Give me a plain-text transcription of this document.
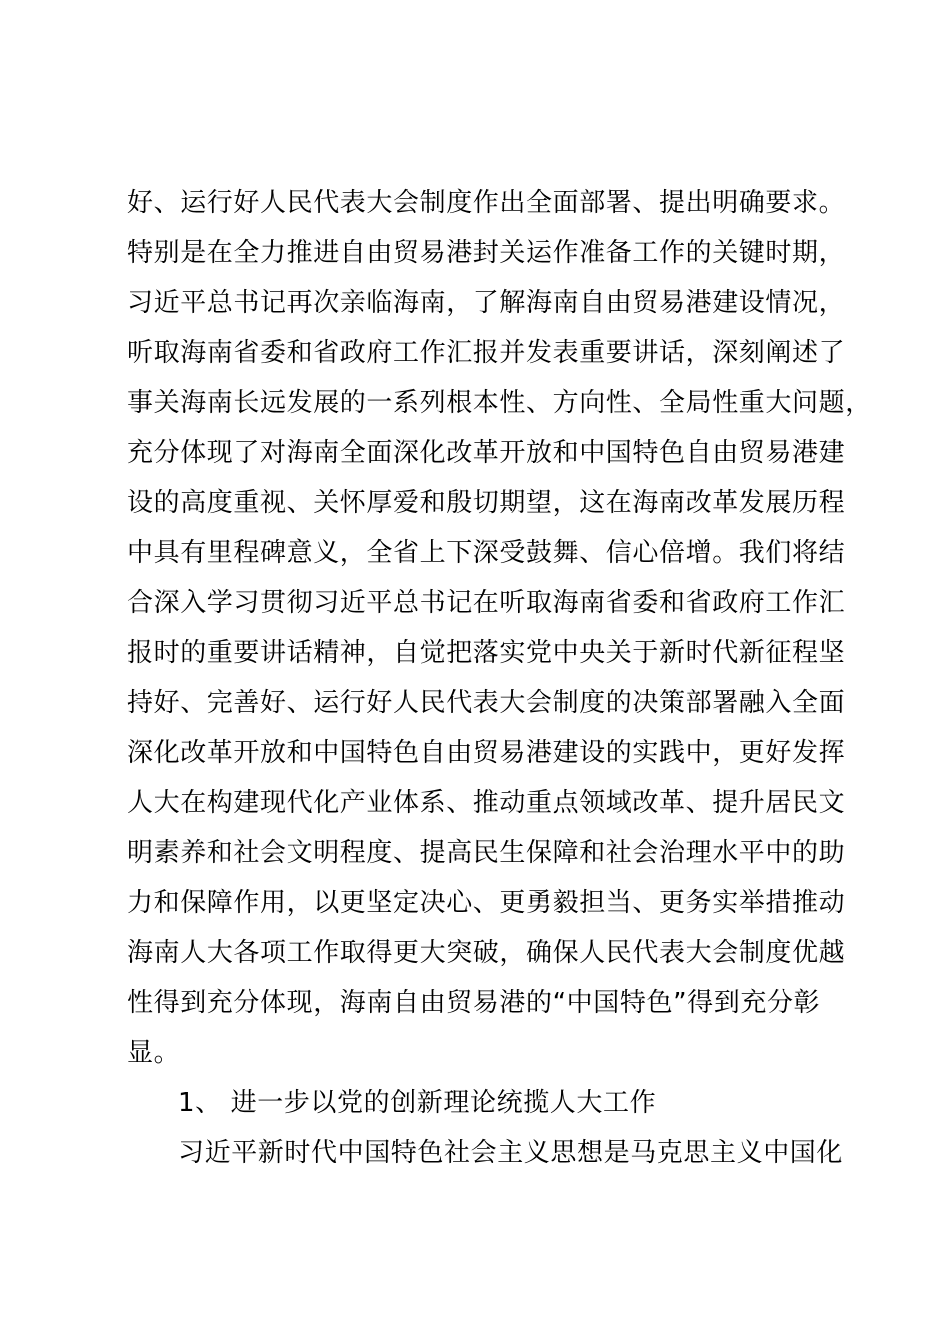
好、运行好人民代表大会制度作出全面部署、提出明确要求。
特别是在全力推进自由贸易港封关运作准备工作的关键时期，
习近平总书记再次亲临海南，了解海南自由贸易港建设情况，
听取海南省委和省政府工作汇报并发表重要讲话，深刻阐述了
事关海南长远发展的一系列根本性、方向性、全局性重大问题，
充分体现了对海南全面深化改革开放和中国特色自由贸易港建
设的高度重视、关怀厚爱和殷切期望，这在海南改革发展历程
中具有里程碑意义，全省上下深受鼓舞、信心倍增。我们将结
合深入学习贯彻习近平总书记在听取海南省委和省政府工作汇
报时的重要讲话精神，自觉把落实党中央关于新时代新征程坚
持好、完善好、运行好人民代表大会制度的决策部署融入全面
深化改革开放和中国特色自由贸易港建设的实践中，更好发挥
人大在构建现代化产业体系、推动重点领域改革、提升居民文
明素养和社会文明程度、提高民生保障和社会治理水平中的助
力和保障作用，以更坚定决心、更勇毅担当、更务实举措推动
海南人大各项工作取得更大突破，确保人民代表大会制度优越
性得到充分体现，海南自由贸易港的“中国特色”得到充分彰
显。
1、 进一步以党的创新理论统揽人大工作
习近平新时代中国特色社会主义思想是马克思主义中国化
